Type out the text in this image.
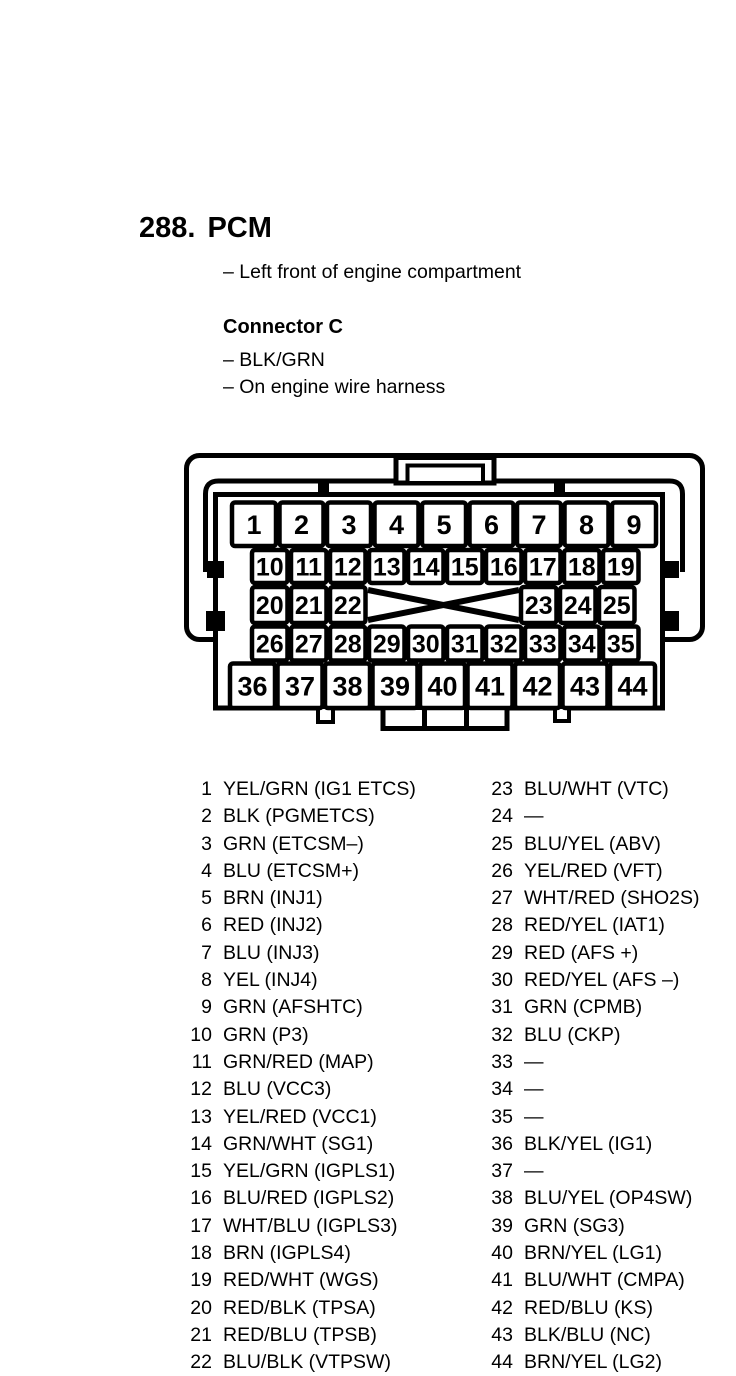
288. PCM
– Left front of engine compartment
Connector C
– BLK/GRN
– On engine wire harness
1 2 3 4 5 6 7 8 9
10 11 12 13 14 15 16 17 18 19
20 21 22	23 24 25
26 27 28 29 30 31 32 33 34 35
36 37 38 39 40 41 42 43 44
1 YEL/GRN (IG1 ETCS)
2 BLK (PGMETCS)
3 GRN (ETCSM–)
4 BLU (ETCSM+)
5 BRN (INJ1)
6 RED (INJ2)
7 BLU (INJ3)
8 YEL (INJ4)
9 GRN (AFSHTC)
10 GRN (P3)
11 GRN/RED (MAP)
12 BLU (VCC3)
13 YEL/RED (VCC1)
14 GRN/WHT (SG1)
15 YEL/GRN (IGPLS1)
16 BLU/RED (IGPLS2)
17 WHT/BLU (IGPLS3)
18 BRN (IGPLS4)
19 RED/WHT (WGS)
20 RED/BLK (TPSA)
21 RED/BLU (TPSB)
22 BLU/BLK (VTPSW)
23 BLU/WHT (VTC)
24 —
25 BLU/YEL (ABV)
26 YEL/RED (VFT)
27 WHT/RED (SHO2S)
28 RED/YEL (IAT1)
29 RED (AFS +)
30 RED/YEL (AFS –)
31 GRN (CPMB)
32 BLU (CKP)
33 —
34 —
35 —
36 BLK/YEL (IG1)
37 —
38 BLU/YEL (OP4SW)
39 GRN (SG3)
40 BRN/YEL (LG1)
41 BLU/WHT (CMPA)
42 RED/BLU (KS)
43 BLK/BLU (NC)
44 BRN/YEL (LG2)
